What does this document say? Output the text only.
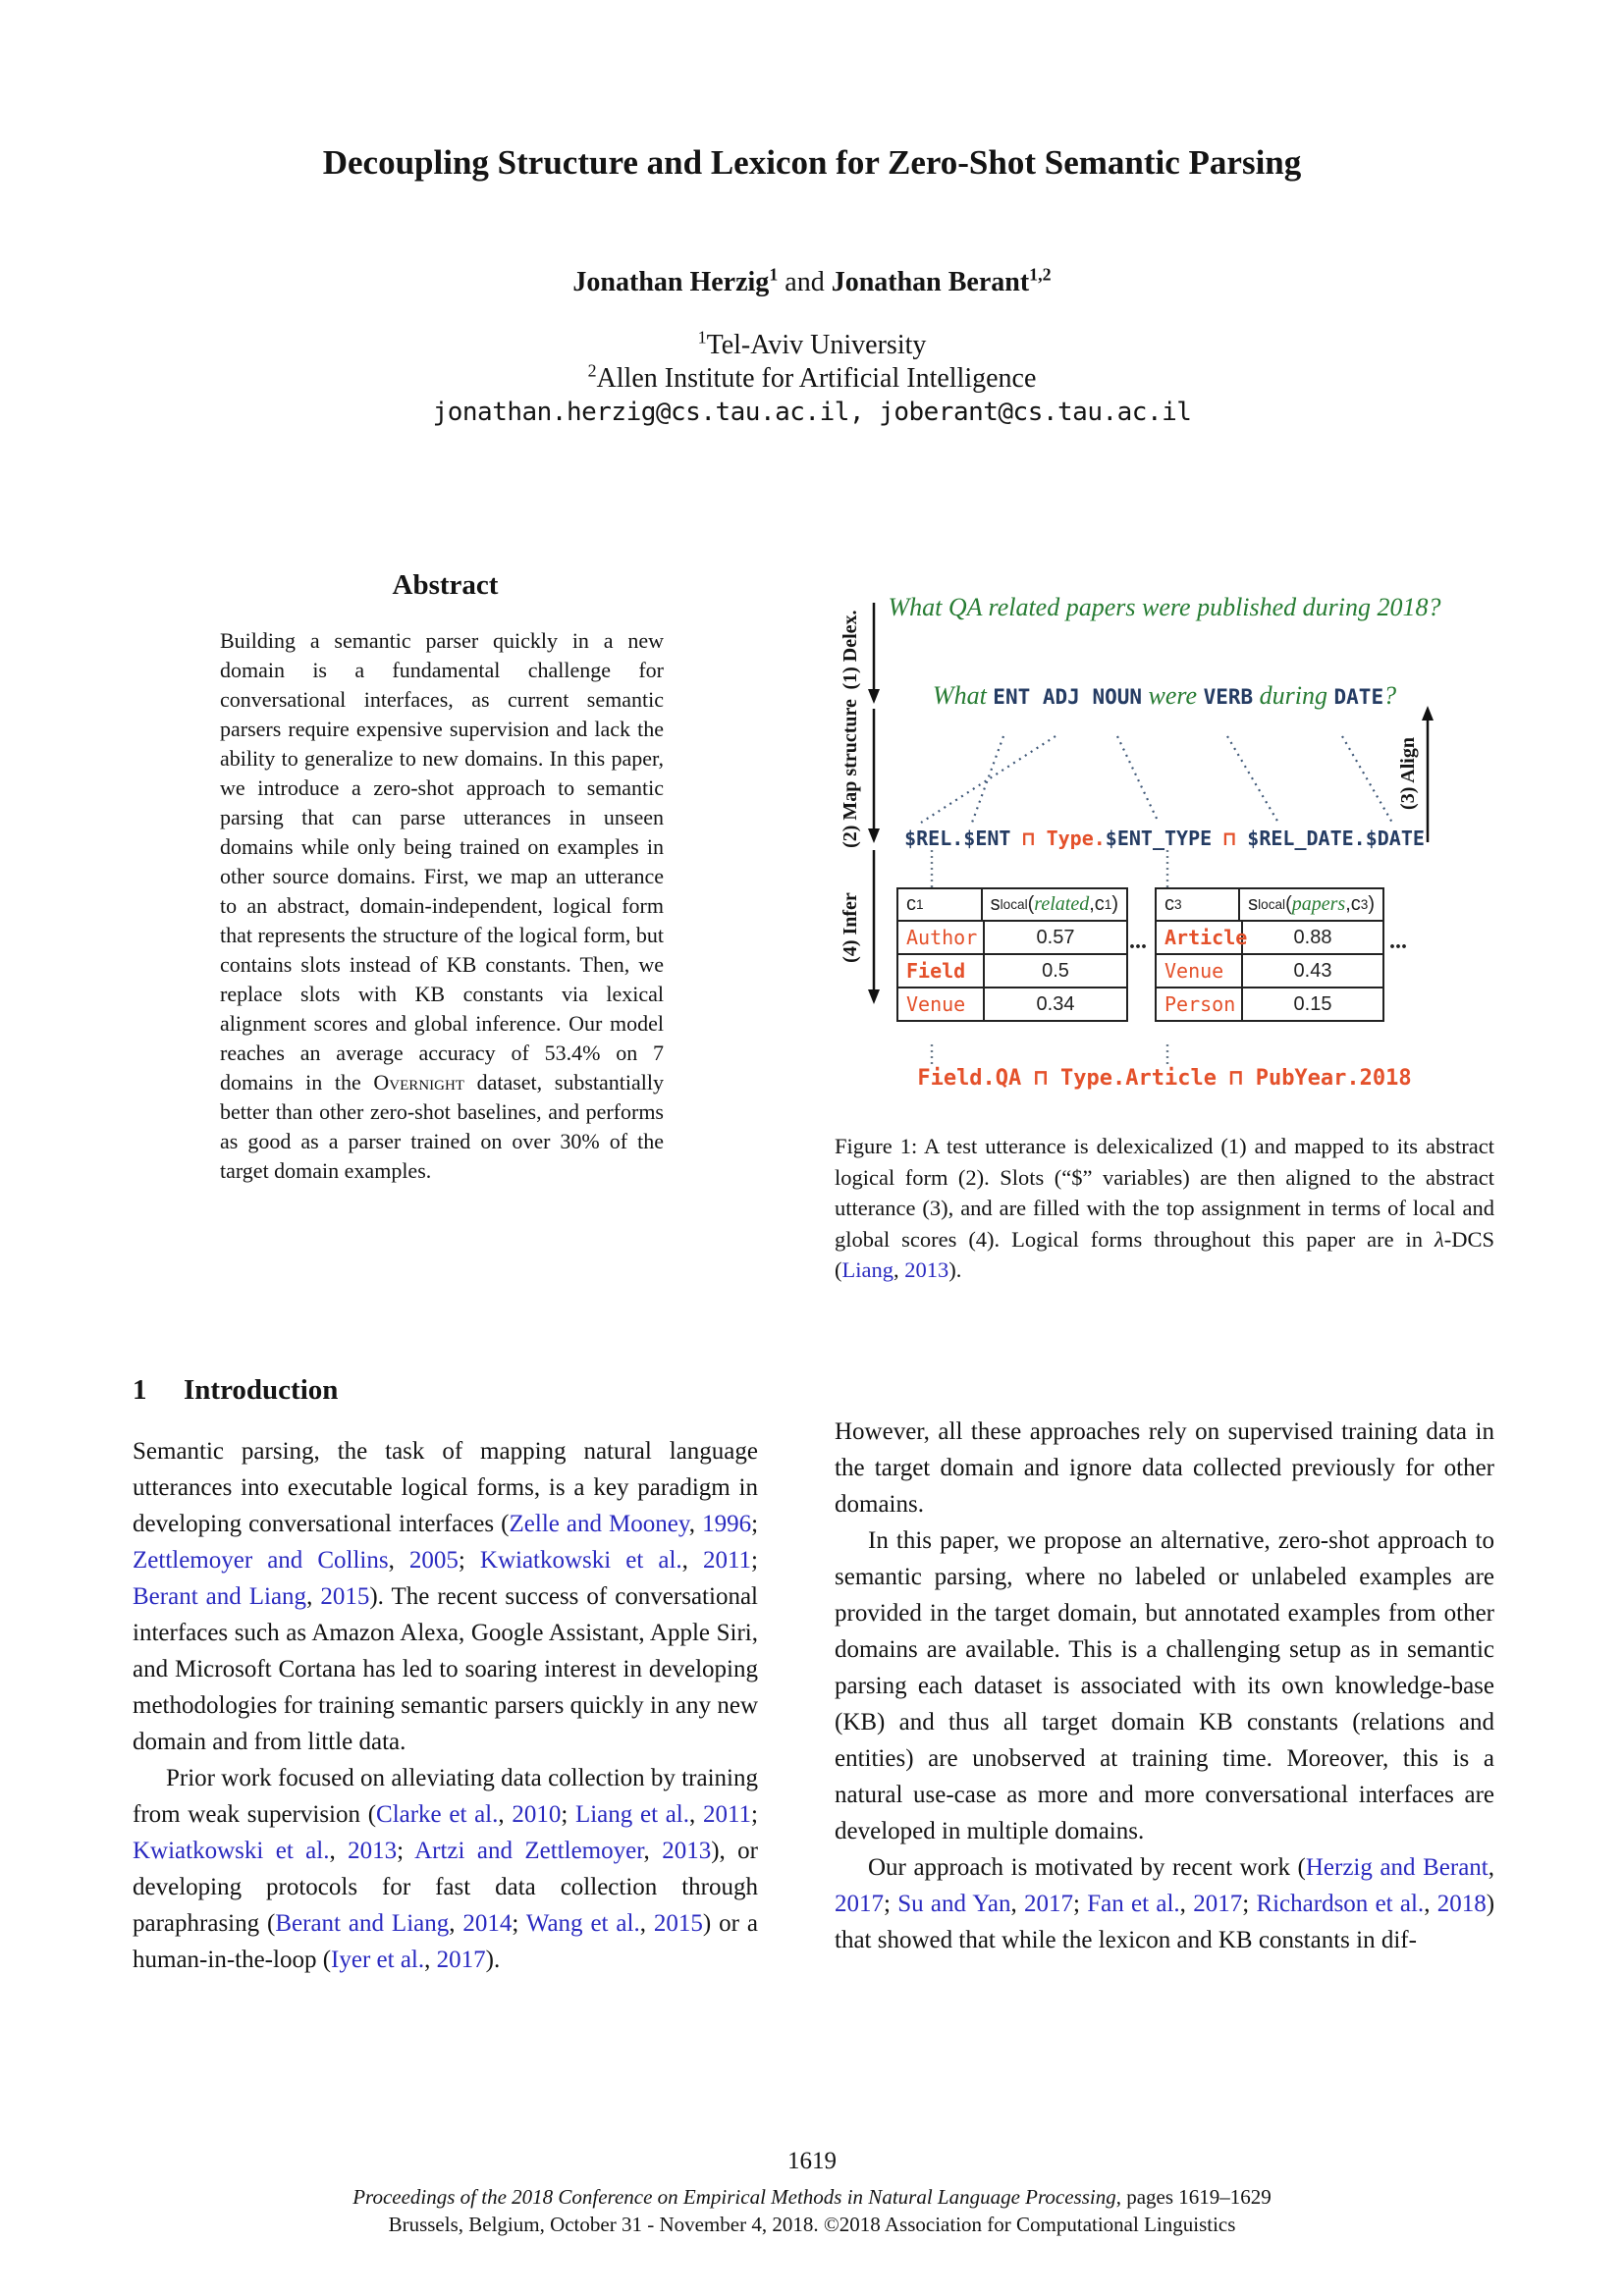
Decoupling Structure and Lexicon for Zero-Shot Semantic Parsing
Jonathan Herzig$^1$ and Jonathan Berant$^{1,2}$
$^1$Tel-Aviv University
$^2$Allen Institute for Artificial Intelligence
jonathan.herzig@cs.tau.ac.il, joberant@cs.tau.ac.il
Abstract
Building a semantic parser quickly in a new domain is a fundamental challenge for conversational interfaces, as current semantic parsers require expensive supervision and lack the ability to generalize to new domains. In this paper, we introduce a zero-shot approach to semantic parsing that can parse utterances in unseen domains while only being trained on examples in other source domains. First, we map an utterance to an abstract, domain-independent, logical form that represents the structure of the logical form, but contains slots instead of KB constants. Then, we replace slots with KB constants via lexical alignment scores and global inference. Our model reaches an average accuracy of 53.4% on 7 domains in the Overnight dataset, substantially better than other zero-shot baselines, and performs as good as a parser trained on over 30% of the target domain examples.
(1) Delex.
(2) Map structure
(4) Infer
(3) Align
What QA related papers were published during 2018?
What ENT ADJ NOUN were VERB during DATE?
$REL.$ENT ⊓ Type.$ENT_TYPE ⊓ $REL_DATE.$DATE
c 1	s local ( related ,c 1 )
Author	0.57
Field	0.5
Venue	0.34
...
c 3	s local ( papers ,c 3 )
Article	0.88
Venue	0.43
Person	0.15
...
Field.QA ⊓ Type.Article ⊓ PubYear.2018
Figure 1: A test utterance is delexicalized (1) and mapped to its abstract logical form (2). Slots (“$” variables) are then aligned to the abstract utterance (3), and are filled with the top assignment in terms of local and global scores (4). Logical forms throughout this paper are in λ-DCS (Liang, 2013).
1 Introduction

Semantic parsing, the task of mapping natural language utterances into executable logical forms, is a key paradigm in developing conversational interfaces (Zelle and Mooney, 1996; Zettlemoyer and Collins, 2005; Kwiatkowski et al., 2011; Berant and Liang, 2015). The recent success of conversational interfaces such as Amazon Alexa, Google Assistant, Apple Siri, and Microsoft Cortana has led to soaring interest in developing methodologies for training semantic parsers quickly in any new domain and from little data.

Prior work focused on alleviating data collection by training from weak supervision (Clarke et al., 2010; Liang et al., 2011; Kwiatkowski et al., 2013; Artzi and Zettlemoyer, 2013), or developing protocols for fast data collection through paraphrasing (Berant and Liang, 2014; Wang et al., 2015) or a human-in-the-loop (Iyer et al., 2017).

However, all these approaches rely on supervised training data in the target domain and ignore data collected previously for other domains.

In this paper, we propose an alternative, zero-shot approach to semantic parsing, where no labeled or unlabeled examples are provided in the target domain, but annotated examples from other domains are available. This is a challenging setup as in semantic parsing each dataset is associated with its own knowledge-base (KB) and thus all target domain KB constants (relations and entities) are unobserved at training time. Moreover, this is a natural use-case as more and more conversational interfaces are developed in multiple domains.

Our approach is motivated by recent work (Herzig and Berant, 2017; Su and Yan, 2017; Fan et al., 2017; Richardson et al., 2018) that showed that while the lexicon and KB constants in dif-

1619
Proceedings of the 2018 Conference on Empirical Methods in Natural Language Processing, pages 1619–1629
Brussels, Belgium, October 31 - November 4, 2018. ©2018 Association for Computational Linguistics
